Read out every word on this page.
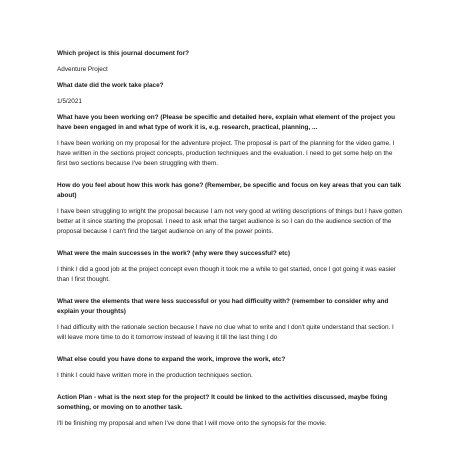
Which project is this journal document for?

Adventure Project

What date did the work take place?

1/5/2021

What have you been working on? (Please be specific and detailed here, explain what element of the project you have been engaged in and what type of work it is, e.g. research, practical, planning, ...

I have been working on my proposal for the adventure project. The proposal is part of the planning for the video game. I have written in the sections project concepts, production techniques and the evaluation. I need to get some help on the first two sections because I've been struggling with them.

How do you feel about how this work has gone? (Remember, be specific and focus on key areas that you can talk about)

I have been struggling to wright the proposal because I am not very good at writing descriptions of things but I have gotten better at it since starting the proposal. I need to ask what the target audience is so I can do the audience section of the proposal because I can't find the target audience on any of the power points.

What were the main successes in the work? (why were they successful? etc)

I think I did a good job at the project concept even though it took me a while to get started, once I got going it was easier than I first thought.

What were the elements that were less successful or you had difficulty with? (remember to consider why and explain your thoughts)

I had difficulty with the rationale section because I have no clue what to write and I don't quite understand that section. I will leave more time to do it tomorrow instead of leaving it till the last thing I do

What else could you have done to expand the work, improve the work, etc?

I think I could have written more in the production techniques section.

Action Plan - what is the next step for the project? It could be linked to the activities discussed, maybe fixing something, or moving on to another task.

I'll be finishing my proposal and when I've done that I will move onto the synopsis for the movie.
